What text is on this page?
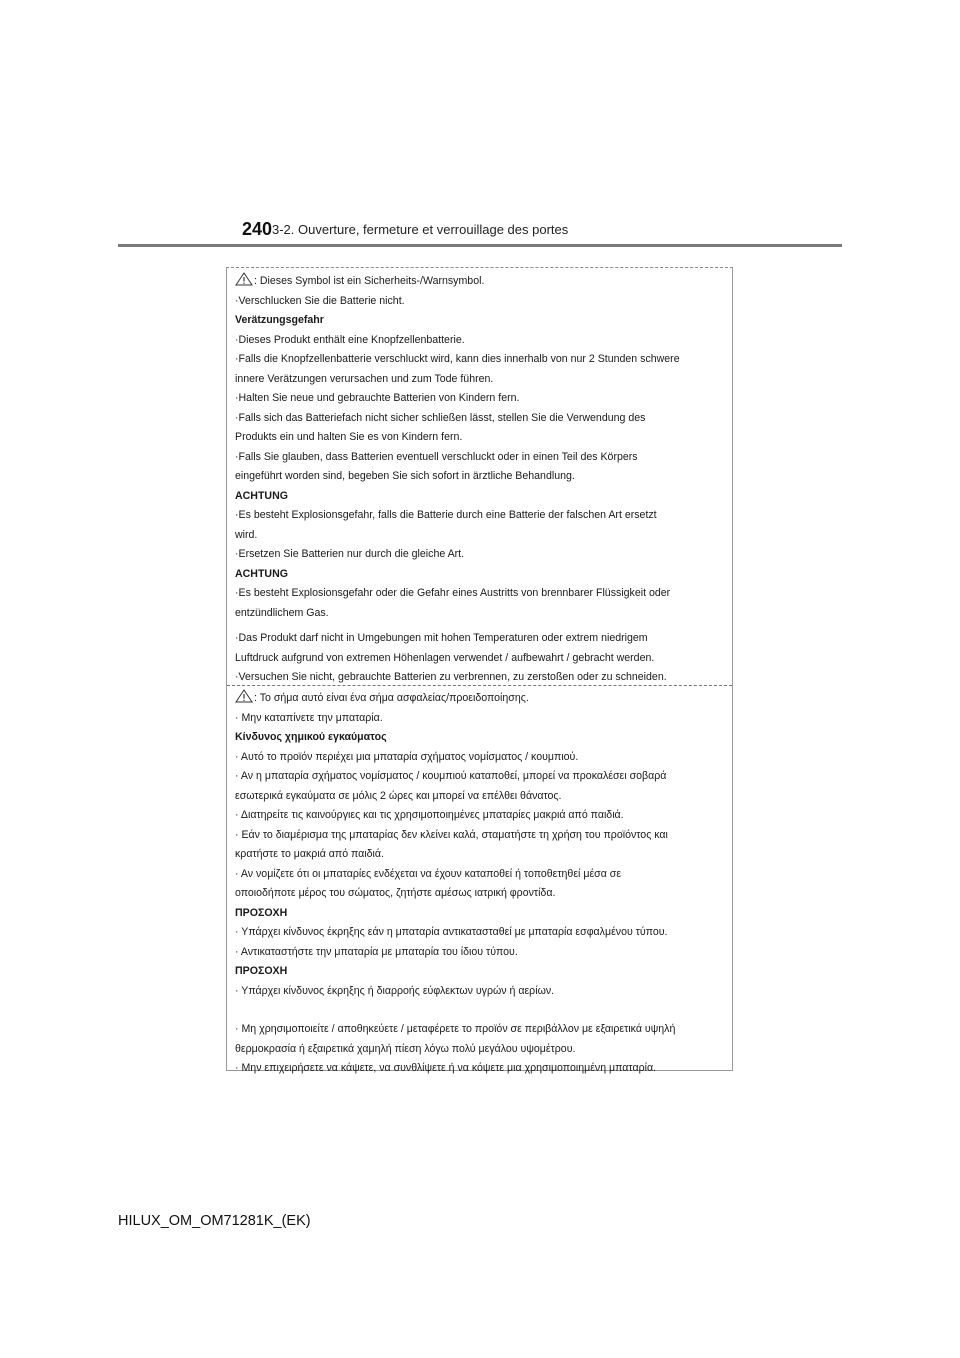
240 3-2. Ouverture, fermeture et verrouillage des portes
: Dieses Symbol ist ein Sicherheits-/Warnsymbol.
·Verschlucken Sie die Batterie nicht.
Verätzungsgefahr
·Dieses Produkt enthält eine Knopfzellenbatterie.
·Falls die Knopfzellenbatterie verschluckt wird, kann dies innerhalb von nur 2 Stunden schwere
innere Verätzungen verursachen und zum Tode führen.
·Halten Sie neue und gebrauchte Batterien von Kindern fern.
·Falls sich das Batteriefach nicht sicher schließen lässt, stellen Sie die Verwendung des
Produkts ein und halten Sie es von Kindern fern.
·Falls Sie glauben, dass Batterien eventuell verschluckt oder in einen Teil des Körpers
eingeführt worden sind, begeben Sie sich sofort in ärztliche Behandlung.
ACHTUNG
·Es besteht Explosionsgefahr, falls die Batterie durch eine Batterie der falschen Art ersetzt
wird.
·Ersetzen Sie Batterien nur durch die gleiche Art.
ACHTUNG
·Es besteht Explosionsgefahr oder die Gefahr eines Austritts von brennbarer Flüssigkeit oder
entzündlichem Gas.
·Das Produkt darf nicht in Umgebungen mit hohen Temperaturen oder extrem niedrigem
Luftdruck aufgrund von extremen Höhenlagen verwendet / aufbewahrt / gebracht werden.
·Versuchen Sie nicht, gebrauchte Batterien zu verbrennen, zu zerstoßen oder zu schneiden.
: Το σήμα αυτό είναι ένα σήμα ασφαλείας/προειδοποίησης.
· Μην καταπίνετε την μπαταρία.
Κίνδυνος χημικού εγκαύματος
· Αυτό το προϊόν περιέχει μια μπαταρία σχήματος νομίσματος / κουμπιού.
· Αν η μπαταρία σχήματος νομίσματος / κουμπιού καταποθεί, μπορεί να προκαλέσει σοβαρά
εσωτερικά εγκαύματα σε μόλις 2 ώρες και μπορεί να επέλθει θάνατος.
· Διατηρείτε τις καινούργιες και τις χρησιμοποιημένες μπαταρίες μακριά από παιδιά.
· Εάν το διαμέρισμα της μπαταρίας δεν κλείνει καλά, σταματήστε τη χρήση του προϊόντος και
κρατήστε το μακριά από παιδιά.
· Αν νομίζετε ότι οι μπαταρίες ενδέχεται να έχουν καταποθεί ή τοποθετηθεί μέσα σε
οποιοδήποτε μέρος του σώματος, ζητήστε αμέσως ιατρική φροντίδα.
ΠΡΟΣΟΧΗ
· Υπάρχει κίνδυνος έκρηξης εάν η μπαταρία αντικατασταθεί με μπαταρία εσφαλμένου τύπου.
· Αντικαταστήστε την μπαταρία με μπαταρία του ίδιου τύπου.
ΠΡΟΣΟΧΗ
· Υπάρχει κίνδυνος έκρηξης ή διαρροής εύφλεκτων υγρών ή αερίων.
· Μη χρησιμοποιείτε / αποθηκεύετε / μεταφέρετε το προϊόν σε περιβάλλον με εξαιρετικά υψηλή
θερμοκρασία ή εξαιρετικά χαμηλή πίεση λόγω πολύ μεγάλου υψομέτρου.
· Μην επιχειρήσετε να κάψετε, να συνθλίψετε ή να κόψετε μια χρησιμοποιημένη μπαταρία.
HILUX_OM_OM71281K_(EK)
